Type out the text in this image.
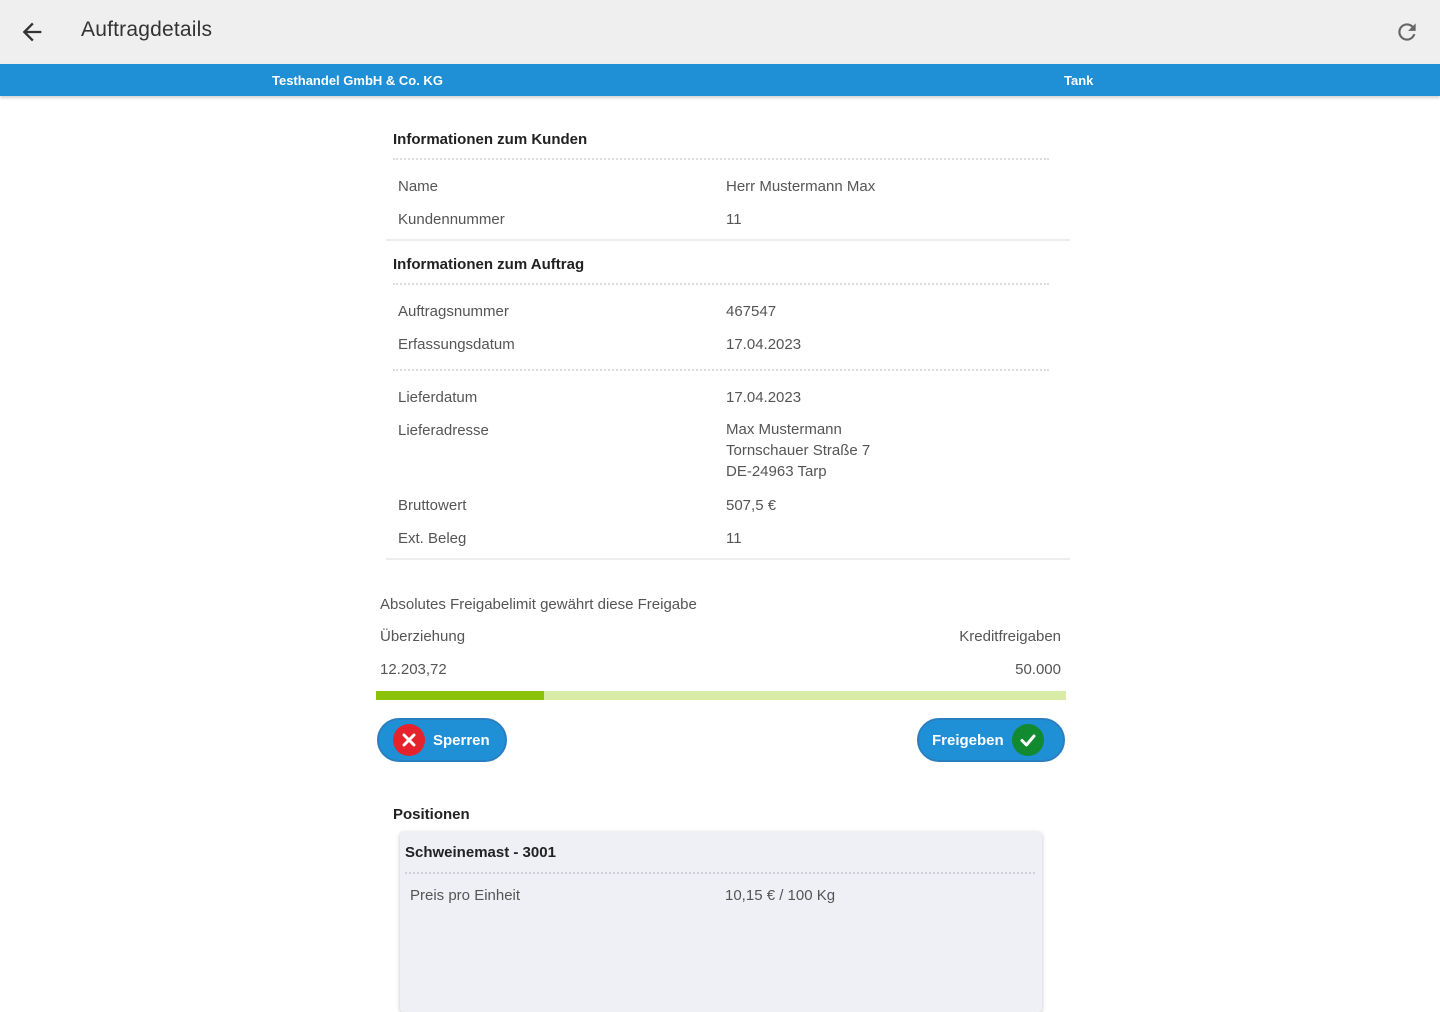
Auftragdetails
Testhandel GmbH & Co. KG	Tank
Informationen zum Kunden
Name	Herr Mustermann Max
Kundennummer	11
Informationen zum Auftrag
Auftragsnummer	467547
Erfassungsdatum	17.04.2023
Lieferdatum	17.04.2023
Lieferadresse	Max Mustermann
Tornschauer Straße 7
DE-24963 Tarp
Bruttowert	507,5 €
Ext. Beleg	11
Absolutes Freigabelimit gewährt diese Freigabe
Überziehung	Kreditfreigaben
12.203,72	50.000
Sperren	Freigeben
Positionen
Schweinemast - 3001
Preis pro Einheit	10,15 € / 100 Kg
